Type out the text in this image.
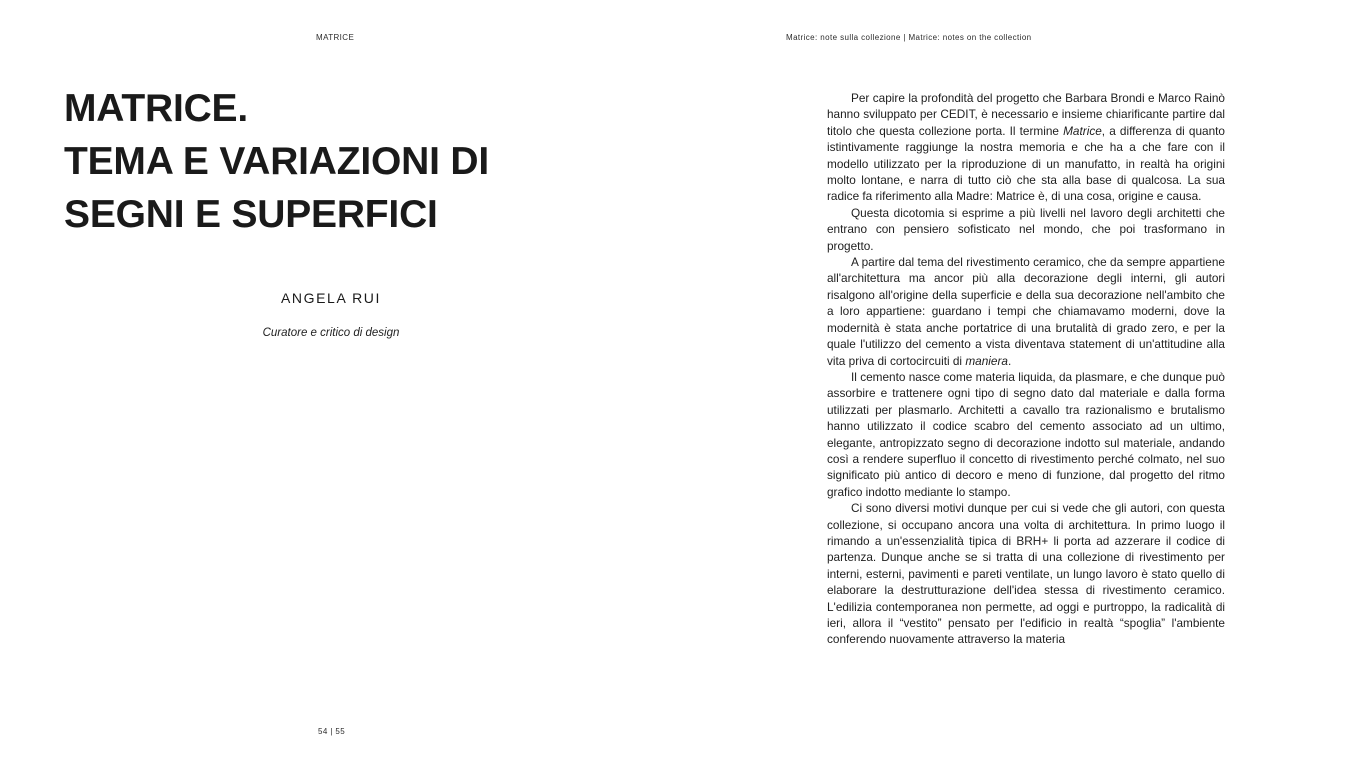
MATRICE	Matrice: note sulla collezione | Matrice: notes on the collection
MATRICE.
TEMA E VARIAZIONI DI
SEGNI E SUPERFICI
ANGELA RUI
Curatore e critico di design
54 | 55

Per capire la profondità del progetto che Barbara Brondi e Marco Rainò hanno sviluppato per CEDIT, è necessario e insieme chiarificante partire dal titolo che questa collezione porta. Il termine Matrice, a differenza di quanto istintivamente raggiunge la nostra memoria e che ha a che fare con il modello utilizzato per la riproduzione di un manufatto, in realtà ha origini molto lontane, e narra di tutto ciò che sta alla base di qualcosa. La sua radice fa riferimento alla Madre: Matrice è, di una cosa, origine e causa.

Questa dicotomia si esprime a più livelli nel lavoro degli architetti che entrano con pensiero sofisticato nel mondo, che poi trasformano in progetto.

A partire dal tema del rivestimento ceramico, che da sempre appartiene all'architettura ma ancor più alla decorazione degli interni, gli autori risalgono all'origine della superficie e della sua decorazione nell'ambito che a loro appartiene: guardano i tempi che chiamavamo moderni, dove la modernità è stata anche portatrice di una brutalità di grado zero, e per la quale l'utilizzo del cemento a vista diventava statement di un'attitudine alla vita priva di cortocircuiti di maniera.

Il cemento nasce come materia liquida, da plasmare, e che dunque può assorbire e trattenere ogni tipo di segno dato dal materiale e dalla forma utilizzati per plasmarlo. Architetti a cavallo tra razionalismo e brutalismo hanno utilizzato il codice scabro del cemento associato ad un ultimo, elegante, antropizzato segno di decorazione indotto sul materiale, andando così a rendere superfluo il concetto di rivestimento perché colmato, nel suo significato più antico di decoro e meno di funzione, dal progetto del ritmo grafico indotto mediante lo stampo.

Ci sono diversi motivi dunque per cui si vede che gli autori, con questa collezione, si occupano ancora una volta di architettura. In primo luogo il rimando a un'essenzialità tipica di BRH+ li porta ad azzerare il codice di partenza. Dunque anche se si tratta di una collezione di rivestimento per interni, esterni, pavimenti e pareti ventilate, un lungo lavoro è stato quello di elaborare la destrutturazione dell'idea stessa di rivestimento ceramico. L'edilizia contemporanea non permette, ad oggi e purtroppo, la radicalità di ieri, allora il “vestito” pensato per l'edificio in realtà “spoglia” l'ambiente conferendo nuovamente attraverso la materia
